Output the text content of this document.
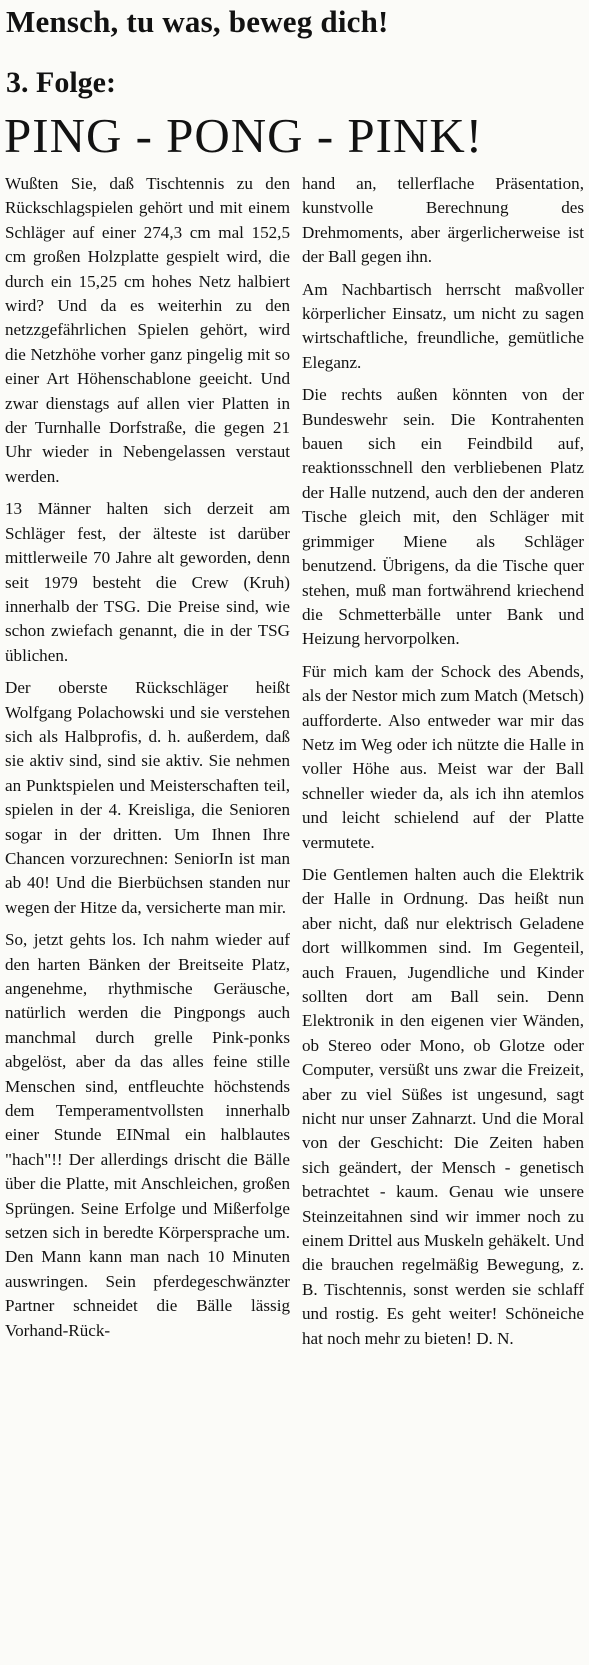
Mensch, tu was, beweg dich!
3. Folge:
PING - PONG - PINK!

Wußten Sie, daß Tischtennis zu den Rückschlagspielen gehört und mit einem Schläger auf einer 274,3 cm mal 152,5 cm großen Holzplatte gespielt wird, die durch ein 15,25 cm hohes Netz halbiert wird? Und da es weiterhin zu den netzzgefährlichen Spielen gehört, wird die Netzhöhe vorher ganz pingelig mit so einer Art Höhenschablone geeicht. Und zwar dienstags auf allen vier Platten in der Turnhalle Dorfstraße, die gegen 21 Uhr wieder in Nebengelassen verstaut werden.

13 Männer halten sich derzeit am Schläger fest, der älteste ist darüber mittlerweile 70 Jahre alt geworden, denn seit 1979 besteht die Crew (Kruh) innerhalb der TSG. Die Preise sind, wie schon zwiefach genannt, die in der TSG üblichen.

Der oberste Rückschläger heißt Wolfgang Polachowski und sie verstehen sich als Halbprofis, d. h. außerdem, daß sie aktiv sind, sind sie aktiv. Sie nehmen an Punktspielen und Meisterschaften teil, spielen in der 4. Kreisliga, die Senioren sogar in der dritten. Um Ihnen Ihre Chancen vorzurechnen: SeniorIn ist man ab 40! Und die Bierbüchsen standen nur wegen der Hitze da, versicherte man mir.

So, jetzt gehts los. Ich nahm wieder auf den harten Bänken der Breitseite Platz, angenehme, rhythmische Geräusche, natürlich werden die Pingpongs auch manchmal durch grelle Pink-ponks abgelöst, aber da das alles feine stille Menschen sind, entfleuchte höchstends dem Temperamentvollsten innerhalb einer Stunde EINmal ein halblautes "hach"!! Der allerdings drischt die Bälle über die Platte, mit Anschleichen, großen Sprüngen. Seine Erfolge und Mißerfolge setzen sich in beredte Körpersprache um. Den Mann kann man nach 10 Minuten auswringen. Sein pferdegeschwänzter Partner schneidet die Bälle lässig Vorhand-Rück-

hand an, tellerflache Präsentation, kunstvolle Berechnung des Drehmoments, aber ärgerlicherweise ist der Ball gegen ihn.

Am Nachbartisch herrscht maßvoller körperlicher Einsatz, um nicht zu sagen wirtschaftliche, freundliche, gemütliche Eleganz.

Die rechts außen könnten von der Bundeswehr sein. Die Kontrahenten bauen sich ein Feindbild auf, reaktionsschnell den verbliebenen Platz der Halle nutzend, auch den der anderen Tische gleich mit, den Schläger mit grimmiger Miene als Schläger benutzend. Übrigens, da die Tische quer stehen, muß man fortwährend kriechend die Schmetterbälle unter Bank und Heizung hervorpolken.

Für mich kam der Schock des Abends, als der Nestor mich zum Match (Metsch) aufforderte. Also entweder war mir das Netz im Weg oder ich nützte die Halle in voller Höhe aus. Meist war der Ball schneller wieder da, als ich ihn atemlos und leicht schielend auf der Platte vermutete.

Die Gentlemen halten auch die Elektrik der Halle in Ordnung. Das heißt nun aber nicht, daß nur elektrisch Geladene dort willkommen sind. Im Gegenteil, auch Frauen, Jugendliche und Kinder sollten dort am Ball sein. Denn Elektronik in den eigenen vier Wänden, ob Stereo oder Mono, ob Glotze oder Computer, versüßt uns zwar die Freizeit, aber zu viel Süßes ist ungesund, sagt nicht nur unser Zahnarzt. Und die Moral von der Geschicht: Die Zeiten haben sich geändert, der Mensch - genetisch betrachtet - kaum. Genau wie unsere Steinzeitahnen sind wir immer noch zu einem Drittel aus Muskeln gehäkelt. Und die brauchen regelmäßig Bewegung, z. B. Tischtennis, sonst werden sie schlaff und rostig. Es geht weiter! Schöneiche hat noch mehr zu bieten! D. N.
